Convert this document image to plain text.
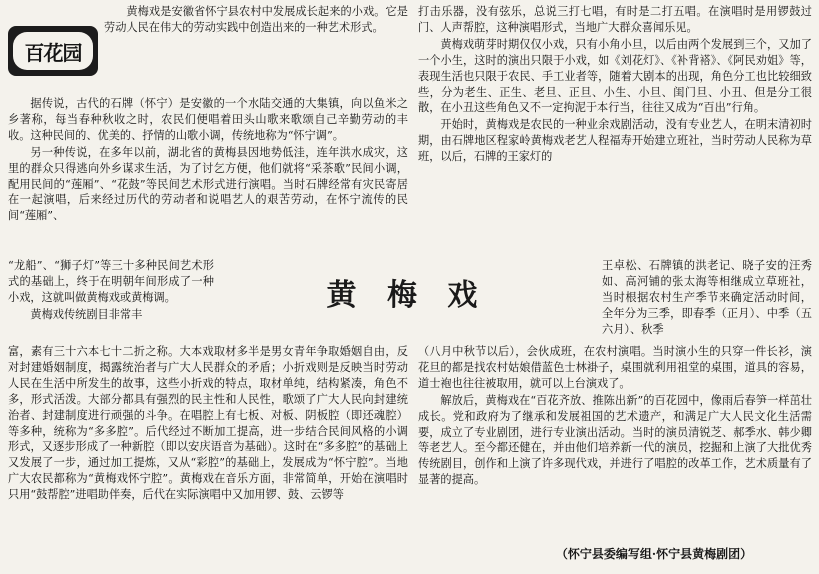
百花园

黄梅戏是安徽省怀宁县农村中发展成长起来的小戏。它是劳动人民在伟大的劳动实践中创造出来的一种艺术形式。

据传说，古代的石牌（怀宁）是安徽的一个水陆交通的大集镇，向以鱼米之乡著称，每当春种秋收之时，农民们便唱着田头山歌来歌颂自己辛勤劳动的丰收。这种民间的、优美的、抒情的山歌小调，传统地称为“怀宁调”。

另一种传说，在多年以前，湖北省的黄梅县因地势低洼，连年洪水成灾，这里的群众只得逃向外乡谋求生活，为了讨乞方便，他们就将“采茶歌”民间小调，配用民间的“莲厢”、“花鼓”等民间艺术形式进行演唱。当时石牌经常有灾民寄居在一起演唱，后来经过历代的劳动者和说唱艺人的艰苦劳动，在怀宁流传的民间“莲厢”、

“龙船”、“狮子灯”等三十多种民间艺术形式的基础上，终于在明朝年间形成了一种小戏，这就叫做黄梅戏或黄梅调。

黄梅戏传统剧目非常丰

富，素有三十六本七十二折之称。大本戏取材多半是男女青年争取婚姻自由，反对封建婚姻制度，揭露统治者与广大人民群众的矛盾；小折戏则是反映当时劳动人民在生活中所发生的故事，这些小折戏的特点，取材单纯，结构紧凑，角色不多，形式活泼。大部分都具有强烈的民主性和人民性，歌颂了广大人民向封建统治者、封建制度进行顽强的斗争。在唱腔上有七板、对板、阴板腔（即还魂腔）等多种，统称为“多多腔”。后代经过不断加工提高，进一步结合民间风格的小调形式，又逐步形成了一种新腔（即以安庆语音为基础）。这时在“多多腔”的基础上又发展了一步，通过加工提炼，又从“彩腔”的基础上，发展成为“怀宁腔”。当地广大农民都称为“黄梅戏怀宁腔”。黄梅戏在音乐方面，非常简单，开始在演唱时只用“鼓帮腔”进唱助伴奏，后代在实际演唱中又加用锣、鼓、云锣等

黄 梅 戏

打击乐器，没有弦乐，总说三打七唱，有时是二打五唱。在演唱时是用锣鼓过门、人声帮腔，这种演唱形式，当地广大群众喜闻乐见。

黄梅戏萌芽时期仅仅小戏，只有小角小旦，以后由两个发展到三个，又加了一个小生，这时的演出只限于小戏，如《刘花灯》、《补背褡》、《阿民劝姐》等，表现生活也只限于农民、手工业者等，随着大剧本的出现，角色分工也比较细致些，分为老生、正生、老旦、正旦、小生、小旦、闺门旦、小丑、但是分工很散，在小丑这些角色又不一定拘泥于本行当，往往又成为“百出”行角。

开始时，黄梅戏是农民的一种业余戏剧活动，没有专业艺人，在明末清初时期，由石牌地区程家岭黄梅戏老艺人程福寿开始建立班社，当时劳动人民称为草班，以后，石牌的王家灯的

王卓松、石牌镇的洪老记、晓子安的汪秀如、高河铺的张太海等相继成立草班社，当时根据农村生产季节来确定活动时间，全年分为三季，即春季（正月）、中季（五六月）、秋季

（八月中秋节以后），会伙成班，在农村演唱。当时演小生的只穿一件长衫，演花旦的都是找农村姑娘借蓝色士林褂子，桌围就利用祖堂的桌围，道具的容易，道士袍也往往被取用，就可以上台演戏了。

解放后，黄梅戏在“百花齐放、推陈出新”的百花园中，像雨后春笋一样茁壮成长。党和政府为了继承和发展祖国的艺术遗产，和满足广大人民文化生活需要，成立了专业剧团，进行专业演出活动。当时的演员清锐芝、郝季水、韩少卿等老艺人。至今都还健在，并由他们培养新一代的演员，挖掘和上演了大批优秀传统剧目，创作和上演了许多现代戏，并进行了唱腔的改革工作，艺术质量有了显著的提高。

（怀宁县委编写组·怀宁县黄梅剧团）
